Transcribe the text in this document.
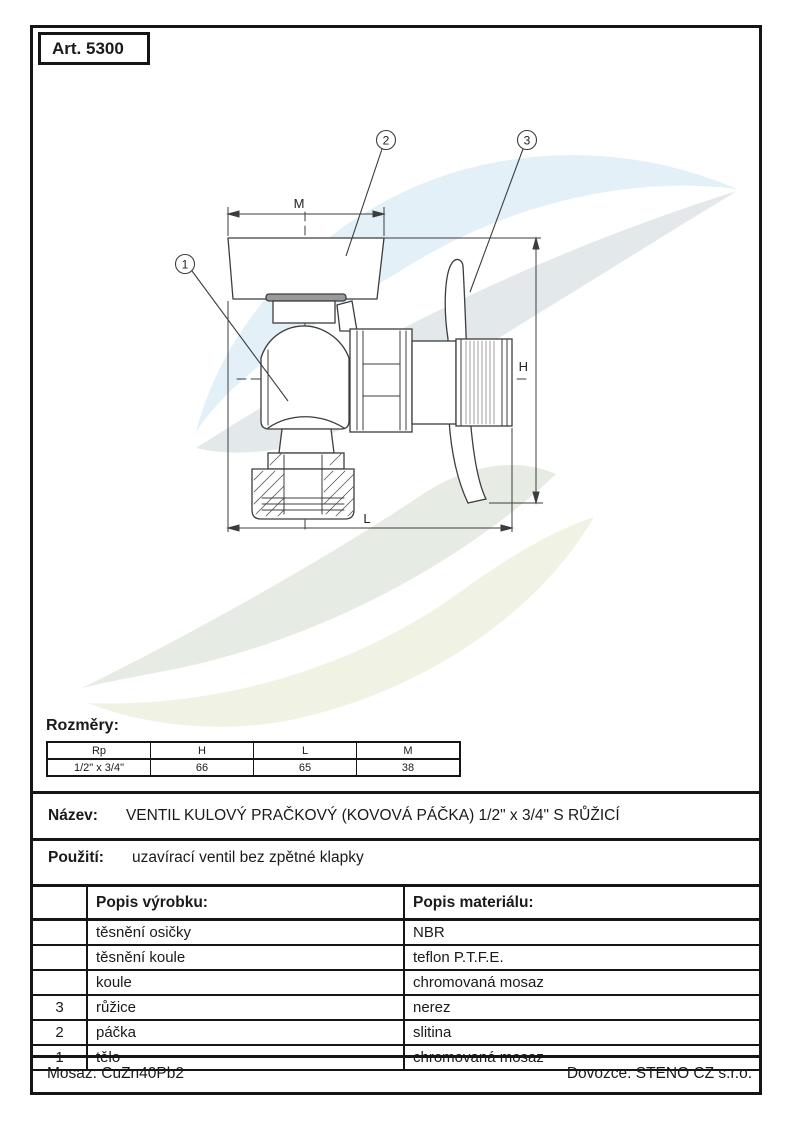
Art. 5300
M
H
L
1
2	3
Rozměry:
Rp	H	L	M
1/2" x 3/4"	66	65	38
Název:	VENTIL KULOVÝ PRAČKOVÝ (KOVOVÁ PÁČKA) 1/2" x 3/4" S RŮŽICÍ
Použití:	uzavírací ventil bez zpětné klapky
	Popis výrobku:	Popis materiálu:
	těsnění osičky	NBR
	těsnění koule	teflon P.T.F.E.
	koule	chromovaná mosaz
3	růžice	nerez
2	páčka	slitina
1	tělo	chromovaná mosaz
Mosaz: CuZn40Pb2	Dovozce: STENO CZ s.r.o.
